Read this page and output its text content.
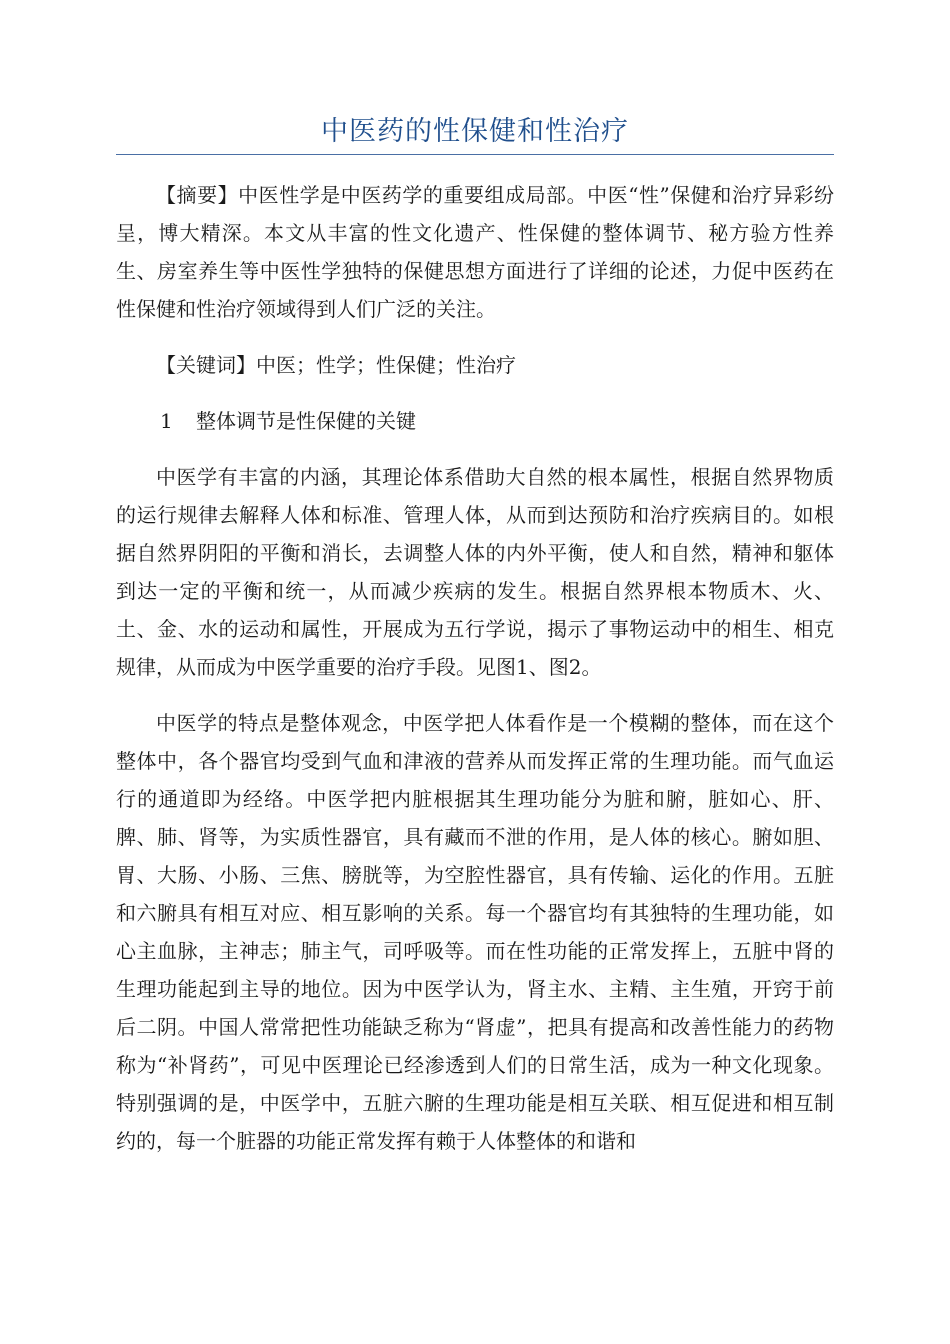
中医药的性保健和性治疗

【摘要】中医性学是中医药学的重要组成局部。中医“性”保健和治疗异彩纷呈，博大精深。本文从丰富的性文化遗产、性保健的整体调节、秘方验方性养生、房室养生等中医性学独特的保健思想方面进行了详细的论述，力促中医药在性保健和性治疗领域得到人们广泛的关注。

【关键词】中医；性学；性保健；性治疗

1 整体调节是性保健的关键

中医学有丰富的内涵，其理论体系借助大自然的根本属性，根据自然界物质的运行规律去解释人体和标准、管理人体，从而到达预防和治疗疾病目的。如根据自然界阴阳的平衡和消长，去调整人体的内外平衡，使人和自然，精神和躯体到达一定的平衡和统一，从而减少疾病的发生。根据自然界根本物质木、火、土、金、水的运动和属性，开展成为五行学说，揭示了事物运动中的相生、相克规律，从而成为中医学重要的治疗手段。见图1、图2。

中医学的特点是整体观念，中医学把人体看作是一个模糊的整体，而在这个整体中，各个器官均受到气血和津液的营养从而发挥正常的生理功能。而气血运行的通道即为经络。中医学把内脏根据其生理功能分为脏和腑，脏如心、肝、脾、肺、肾等，为实质性器官，具有藏而不泄的作用，是人体的核心。腑如胆、胃、大肠、小肠、三焦、膀胱等，为空腔性器官，具有传输、运化的作用。五脏和六腑具有相互对应、相互影响的关系。每一个器官均有其独特的生理功能，如心主血脉，主神志；肺主气，司呼吸等。而在性功能的正常发挥上，五脏中肾的生理功能起到主导的地位。因为中医学认为，肾主水、主精、主生殖，开窍于前后二阴。中国人常常把性功能缺乏称为“肾虚”，把具有提高和改善性能力的药物称为“补肾药”，可见中医理论已经渗透到人们的日常生活，成为一种文化现象。特别强调的是，中医学中，五脏六腑的生理功能是相互关联、相互促进和相互制约的，每一个脏器的功能正常发挥有赖于人体整体的和谐和
